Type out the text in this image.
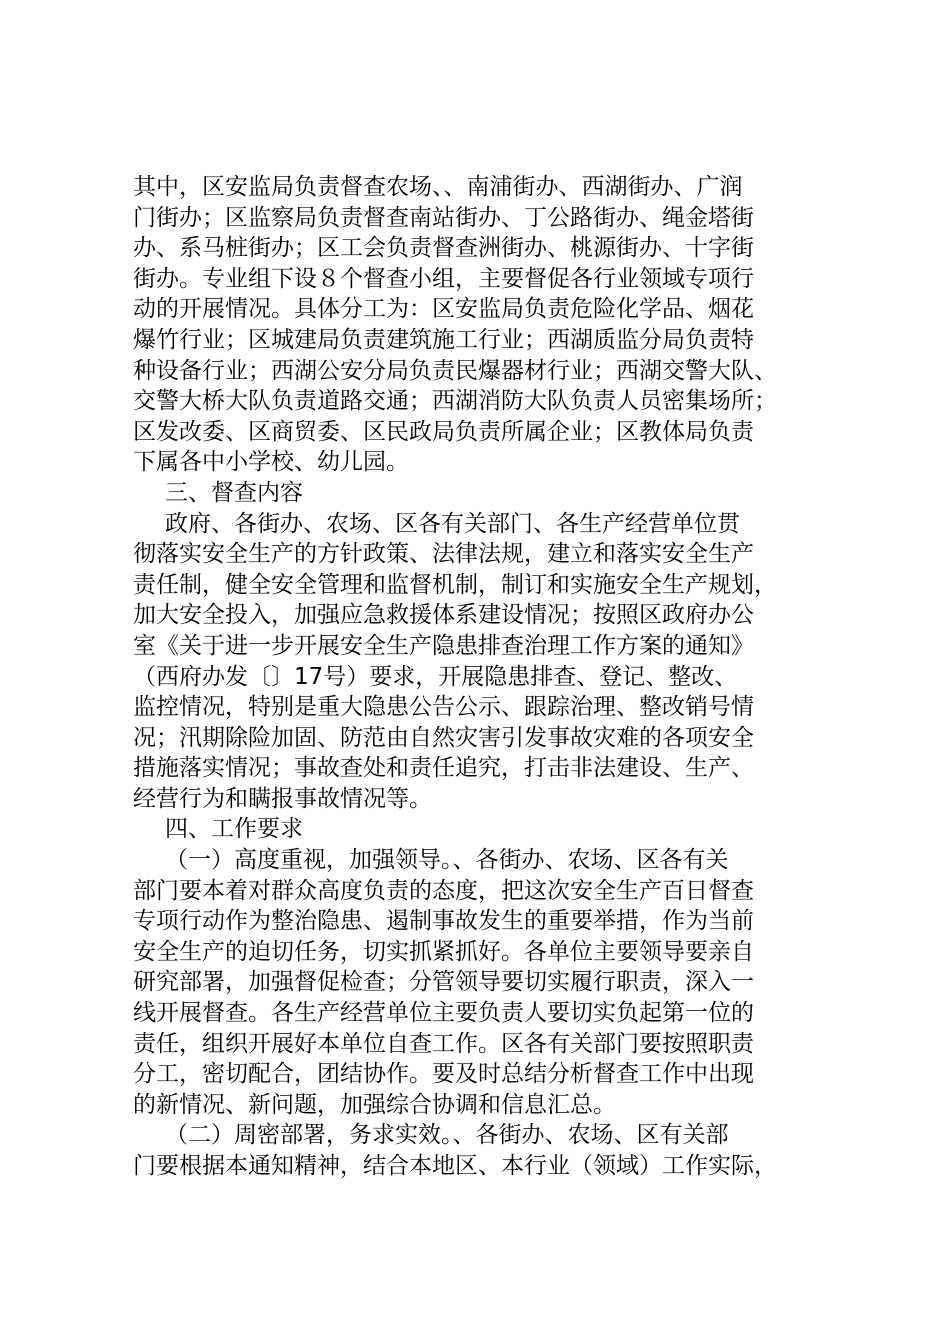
其中，区安监局负责督查农场、、南浦街办、西湖街办、广润
门街办；区监察局负责督查南站街办、丁公路街办、绳金塔街
办、系马桩街办；区工会负责督查洲街办、桃源街办、十字街
街办。专业组下设８个督查小组，主要督促各行业领域专项行
动的开展情况。具体分工为：区安监局负责危险化学品、烟花
爆竹行业；区城建局负责建筑施工行业；西湖质监分局负责特
种设备行业；西湖公安分局负责民爆器材行业；西湖交警大队、
交警大桥大队负责道路交通；西湖消防大队负责人员密集场所；
区发改委、区商贸委、区民政局负责所属企业；区教体局负责
下属各中小学校、幼儿园。
三、督查内容
政府、各街办、农场、区各有关部门、各生产经营单位贯
彻落实安全生产的方针政策、法律法规，建立和落实安全生产
责任制，健全安全管理和监督机制，制订和实施安全生产规划，
加大安全投入，加强应急救援体系建设情况；按照区政府办公
室《关于进一步开展安全生产隐患排查治理工作方案的通知》
（西府办发〔〕17号）要求，开展隐患排查、登记、整改、
监控情况，特别是重大隐患公告公示、跟踪治理、整改销号情
况；汛期除险加固、防范由自然灾害引发事故灾难的各项安全
措施落实情况；事故查处和责任追究，打击非法建设、生产、
经营行为和瞒报事故情况等。
四、工作要求
（一）高度重视，加强领导。、各街办、农场、区各有关
部门要本着对群众高度负责的态度，把这次安全生产百日督查
专项行动作为整治隐患、遏制事故发生的重要举措，作为当前
安全生产的迫切任务，切实抓紧抓好。各单位主要领导要亲自
研究部署，加强督促检查；分管领导要切实履行职责，深入一
线开展督查。各生产经营单位主要负责人要切实负起第一位的
责任，组织开展好本单位自查工作。区各有关部门要按照职责
分工，密切配合，团结协作。要及时总结分析督查工作中出现
的新情况、新问题，加强综合协调和信息汇总。
（二）周密部署，务求实效。、各街办、农场、区有关部
门要根据本通知精神，结合本地区、本行业（领域）工作实际，
